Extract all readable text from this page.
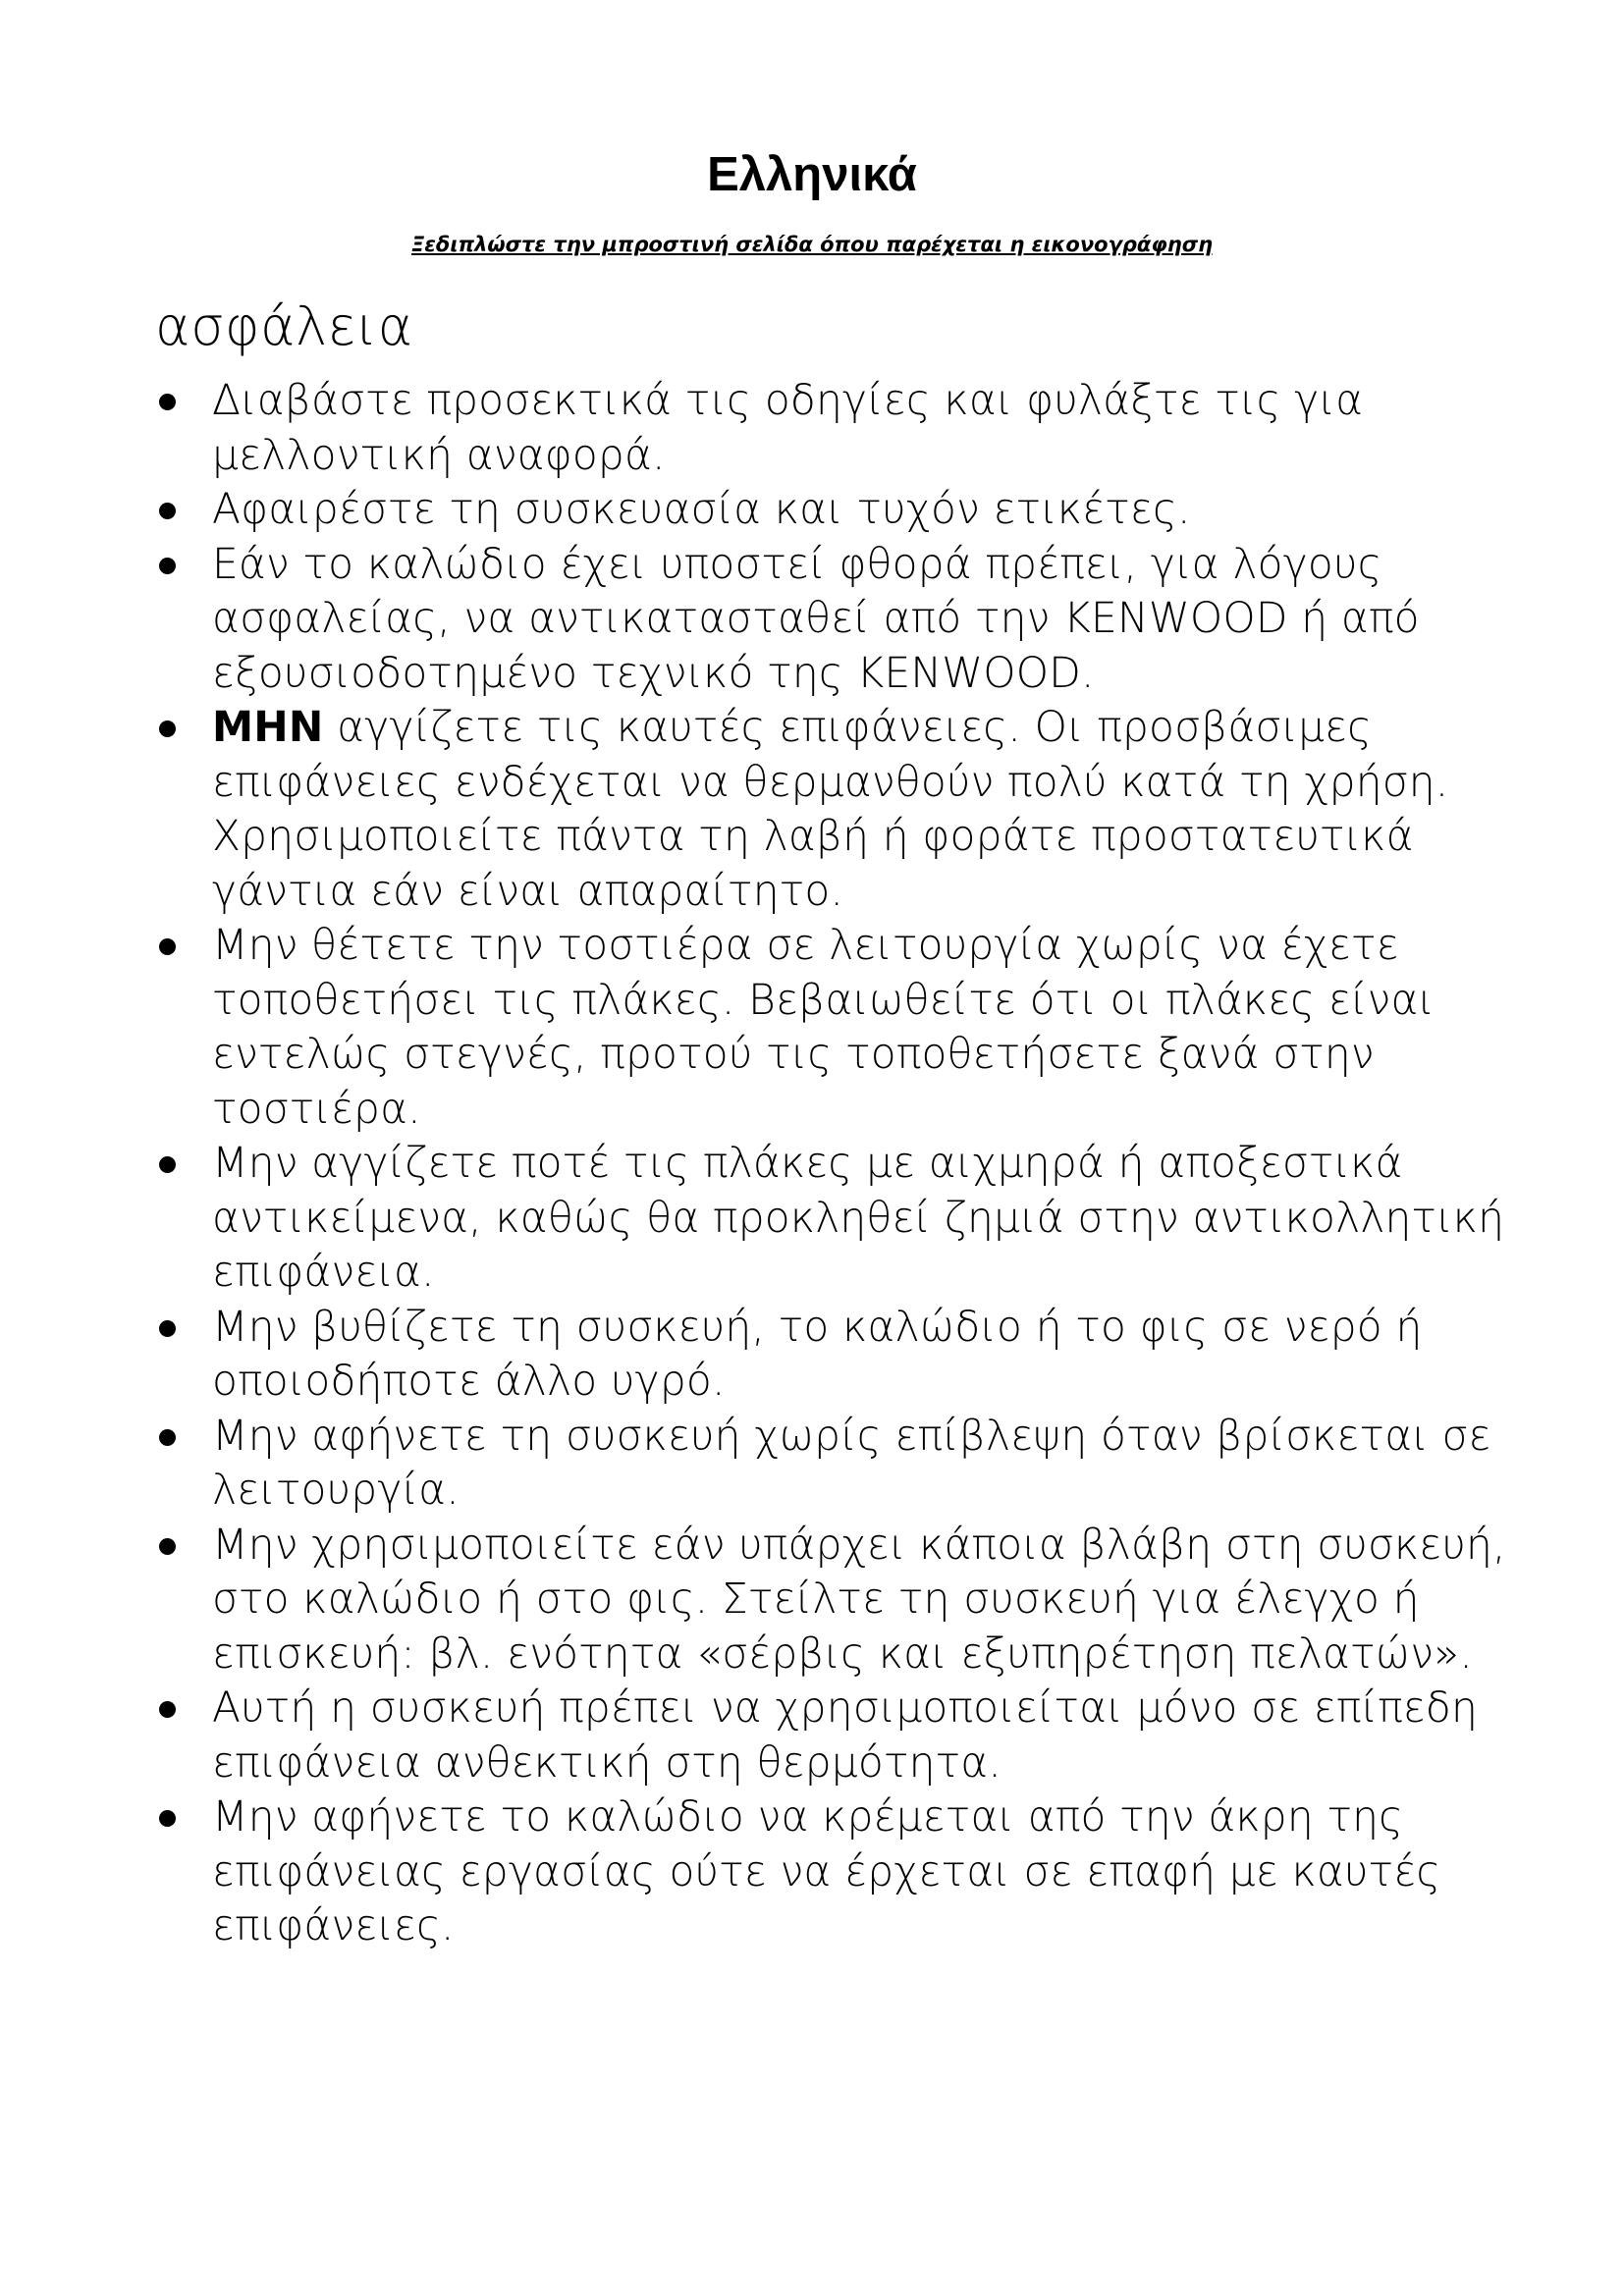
Ελληνικά

Ξεδιπλώστε την μπροστινή σελίδα όπου παρέχεται η εικονογράφηση

ασφάλεια
Διαβάστε προσεκτικά τις οδηγίες και φυλάξτε τις για μελλοντική αναφορά.
Αφαιρέστε τη συσκευασία και τυχόν ετικέτες.
Εάν το καλώδιο έχει υποστεί φθορά πρέπει, για λόγους ασφαλείας, να αντικατασταθεί από την KENWOOD ή από εξουσιοδοτημένο τεχνικό της KENWOOD.
ΜΗΝ αγγίζετε τις καυτές επιφάνειες. Οι προσβάσιμες επιφάνειες ενδέχεται να θερμανθούν πολύ κατά τη χρήση. Χρησιμοποιείτε πάντα τη λαβή ή φοράτε προστατευτικά γάντια εάν είναι απαραίτητο.
Μην θέτετε την τοστιέρα σε λειτουργία χωρίς να έχετε τοποθετήσει τις πλάκες. Βεβαιωθείτε ότι οι πλάκες είναι εντελώς στεγνές, προτού τις τοποθετήσετε ξανά στην τοστιέρα.
Μην αγγίζετε ποτέ τις πλάκες με αιχμηρά ή αποξεστικά αντικείμενα, καθώς θα προκληθεί ζημιά στην αντικολλητική επιφάνεια.
Μην βυθίζετε τη συσκευή, το καλώδιο ή το φις σε νερό ή οποιοδήποτε άλλο υγρό.
Μην αφήνετε τη συσκευή χωρίς επίβλεψη όταν βρίσκεται σε λειτουργία.
Μην χρησιμοποιείτε εάν υπάρχει κάποια βλάβη στη συσκευή, στο καλώδιο ή στο φις. Στείλτε τη συσκευή για έλεγχο ή επισκευή: βλ. ενότητα «σέρβις και εξυπηρέτηση πελατών».
Αυτή η συσκευή πρέπει να χρησιμοποιείται μόνο σε επίπεδη επιφάνεια ανθεκτική στη θερμότητα.
Μην αφήνετε το καλώδιο να κρέμεται από την άκρη της επιφάνειας εργασίας ούτε να έρχεται σε επαφή με καυτές επιφάνειες.
